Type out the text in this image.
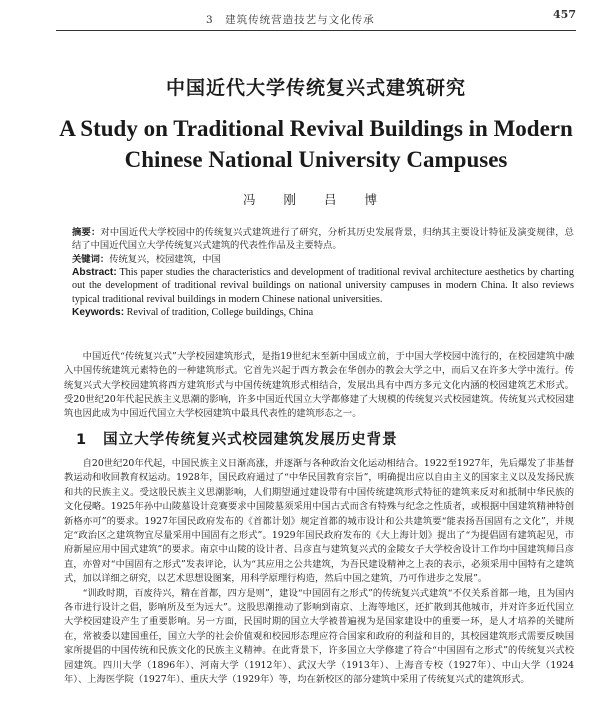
3　建筑传统营造技艺与文化传承	457
中国近代大学传统复兴式建筑研究
A Study on Traditional Revival Buildings in Modern Chinese National University Campuses
冯 刚 吕 博

摘要：对中国近代大学校园中的传统复兴式建筑进行了研究，分析其历史发展背景，归纳其主要设计特征及演变规律，总结了中国近代国立大学传统复兴式建筑的代表性作品及主要特点。

关键词：传统复兴，校园建筑，中国

Abstract: This paper studies the characteristics and development of traditional revival architecture aesthetics by charting out the development of traditional revival buildings on national university campuses in modern China. It also reviews typical traditional revival buildings in modern Chinese national universities.

Keywords: Revival of tradition, College buildings, China

中国近代“传统复兴式”大学校园建筑形式，是指19世纪末至新中国成立前，于中国大学校园中流行的，在校园建筑中融入中国传统建筑元素特色的一种建筑形式。它首先兴起于西方教会在华创办的教会大学之中，而后又在许多大学中流行。传统复兴式大学校园建筑将西方建筑形式与中国传统建筑形式相结合，发展出具有中西方多元文化内涵的校园建筑艺术形式。受20世纪20年代起民族主义思潮的影响，许多中国近代国立大学都修建了大规模的传统复兴式校园建筑。传统复兴式校园建筑也因此成为中国近代国立大学校园建筑中最具代表性的建筑形态之一。

1 国立大学传统复兴式校园建筑发展历史背景

自20世纪20年代起，中国民族主义日渐高涨，并逐渐与各种政治文化运动相结合。1922至1927年，先后爆发了非基督教运动和收回教育权运动。1928年，国民政府通过了“中华民国教育宗旨”，明确提出应以自由主义的国家主义以及发扬民族和共的民族主义。受这股民族主义思潮影响，人们期望通过建设带有中国传统建筑形式特征的建筑来反对和抵制中华民族的文化侵略。1925年孙中山陵墓设计竞赛要求中国陵墓须采用中国古式而含有特殊与纪念之性质者，或根据中国建筑精神特创新格亦可”的要求。1927年国民政府发布的《首都计划》规定首都的城市设计和公共建筑要“能表扬吾国固有之文化”，并规定“政治区之建筑物宜尽量采用中国固有之形式”。1929年国民政府发布的《大上海计划》提出了“为提倡固有建筑起见，市府新屋应用中国式建筑”的要求。南京中山陵的设计者、吕彦直与建筑复兴式的金陵女子大学校舍设计工作均中国建筑师吕彦直，亦曾对“中国固有之形式”发表评论，认为“其应用之公共建筑，为吾民建设精神之上表的表示，必须采用中国特有之建筑式，加以详细之研究，以艺术思想设图案，用科学原理行构造，然后中国之建筑，乃可作进步之发展”。

“训政时期，百废待兴，精在首都，四方是则”，建设“中国固有之形式”的传统复兴式建筑“不仅关系首都一地，且为国内各市进行设计之倡，影响所及至为远大”。这股思潮推动了影响到南京、上海等地区，还扩散到其他城市，并对许多近代国立大学校园建设产生了重要影响。另一方面，民国时期的国立大学被普遍视为是国家建设中的重要一环，是人才培养的关键所在，常被委以建国重任，国立大学的社会价值观和校园形态理应符合国家和政府的利益和目的，其校园建筑形式需要反映国家所提倡的中国传统和民族文化的民族主义精神。在此背景下，许多国立大学修建了符合“中国固有之形式”的传统复兴式校园建筑。四川大学（1896年）、河南大学（1912年）、武汉大学（1913年）、上海音专校（1927年）、中山大学（1924年）、上海医学院（1927年）、重庆大学（1929年）等，均在新校区的部分建筑中采用了传统复兴式的建筑形式。
